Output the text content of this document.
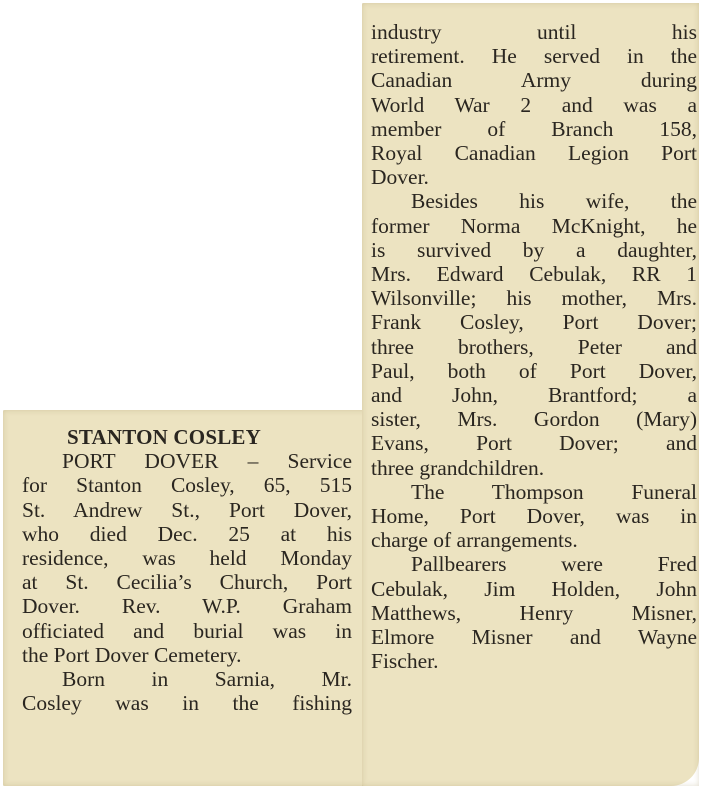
STANTON COSLEY
PORT DOVER – Service
for Stanton Cosley, 65, 515
St. Andrew St., Port Dover,
who died Dec. 25 at his
residence, was held Monday
at St. Cecilia’s Church, Port
Dover. Rev. W.P. Graham
officiated and burial was in
the Port Dover Cemetery.
Born in Sarnia, Mr.
Cosley was in the fishing
industry until his
retirement. He served in the
Canadian Army during
World War 2 and was a
member of Branch 158,
Royal Canadian Legion Port
Dover.
Besides his wife, the
former Norma McKnight, he
is survived by a daughter,
Mrs. Edward Cebulak, RR 1
Wilsonville; his mother, Mrs.
Frank Cosley, Port Dover;
three brothers, Peter and
Paul, both of Port Dover,
and John, Brantford; a
sister, Mrs. Gordon (Mary)
Evans, Port Dover; and
three grandchildren.
The Thompson Funeral
Home, Port Dover, was in
charge of arrangements.
Pallbearers were Fred
Cebulak, Jim Holden, John
Matthews, Henry Misner,
Elmore Misner and Wayne
Fischer.
